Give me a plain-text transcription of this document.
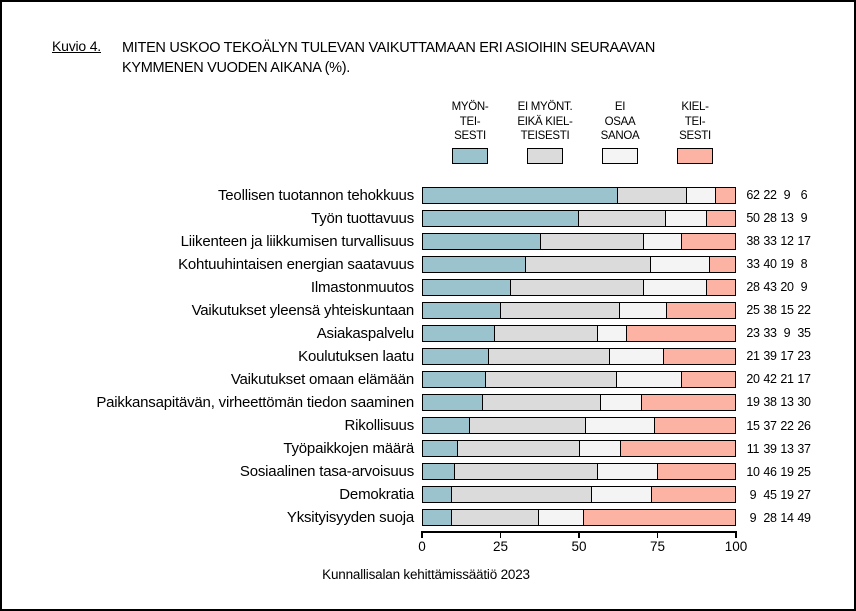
Kuvio 4. MITEN USKOO TEKOÄLYN TULEVAN VAIKUTTAMAAN ERI ASIOIHIN SEURAAVAN
KYMMENEN VUODEN AIKANA (%).
MYÖN-
TEI-
SESTI
EI MYÖNT.
EIKÄ KIEL-
TEISESTI
EI
OSAA
SANOA
KIEL-
TEI-
SESTI
Teollisen tuotannon tehokkuus	62 22 9 6
Työn tuottavuus	50 28 13 9
Liikenteen ja liikkumisen turvallisuus	38 33 12 17
Kohtuuhintaisen energian saatavuus	33 40 19 8
Ilmastonmuutos	28 43 20 9
Vaikutukset yleensä yhteiskuntaan	25 38 15 22
Asiakaspalvelu	23 33 9 35
Koulutuksen laatu	21 39 17 23
Vaikutukset omaan elämään	20 42 21 17
Paikkansapitävän, virheettömän tiedon saaminen	19 38 13 30
Rikollisuus	15 37 22 26
Työpaikkojen määrä	11 39 13 37
Sosiaalinen tasa-arvoisuus	10 46 19 25
Demokratia	9 45 19 27
Yksityisyyden suoja	9 28 14 49
0	25	50	75	100
Kunnallisalan kehittämissäätiö 2023
